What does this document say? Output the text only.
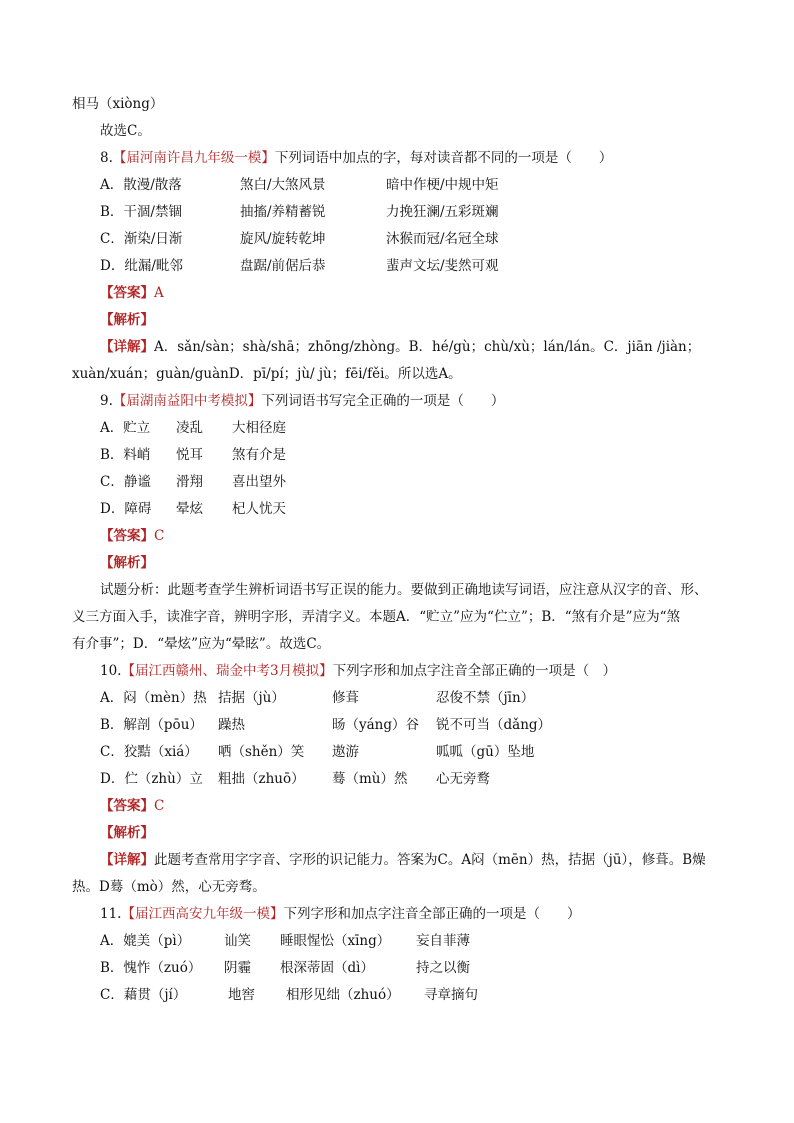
相马（xiòng）
故选C。
8.【届河南许昌九年级一模】下列词语中加点的字，每对读音都不同的一项是（　　）
A．散漫/散落	煞白/大煞风景	暗中作梗/中规中矩
B．干涸/禁锢	抽搐/养精蓄锐	力挽狂澜/五彩斑斓
C．渐染/日渐	旋风/旋转乾坤	沐猴而冠/名冠全球
D．纰漏/毗邻	盘踞/前倨后恭	蜚声文坛/斐然可观
【答案】A
【解析】
【详解】A．sǎn/sàn；shà/shā；zhōng/zhòng。B．hé/gù；chù/xù；lán/lán。C．jiān /jiàn；
xuàn/xuán；guàn/guànD．pī/pí；jù/ jù；fēi/fěi。所以选A。
9.【届湖南益阳中考模拟】下列词语书写完全正确的一项是（　　）
A．贮立 凌乱 大相径庭
B．料峭 悦耳 煞有介是
C．静谧 滑翔 喜出望外
D．障碍 晕炫 杞人忧天
【答案】C
【解析】
试题分析：此题考查学生辨析词语书写正误的能力。要做到正确地读写词语，应注意从汉字的音、形、
义三方面入手，读准字音，辨明字形，弄清字义。本题A．“贮立”应为“伫立”；B．“煞有介是”应为“煞
有介事”；D．“晕炫”应为“晕眩”。故选C。
10.【届江西赣州、瑞金中考3月模拟】下列字形和加点字注音全部正确的一项是（　）
A．闷（mèn）热 拮据（jù）	修葺	忍俊不禁（jīn）
B．解剖（pōu） 躁热	旸（yáng）谷 锐不可当（dǎng）
C．狡黠（xiá） 哂（shěn）笑 遨游	呱呱（gū）坠地
D．伫（zhù）立 粗拙（zhuō） 蓦（mù）然 心无旁鹜
【答案】C
【解析】
【详解】此题考查常用字字音、字形的识记能力。答案为C。A闷（mēn）热，拮据（jū），修葺。B燥
热。D蓦（mò）然，心无旁骛。
11.【届江西高安九年级一模】下列字形和加点字注音全部正确的一项是（　　）
A．媲美（pì）	讪笑 睡眼惺忪（xīng） 妄自菲薄
B．愧怍（zuó） 阴霾 根深蒂固（dì）	持之以衡
C．藉贯（jí）	地窖 相形见绌（zhuó） 寻章摘句
